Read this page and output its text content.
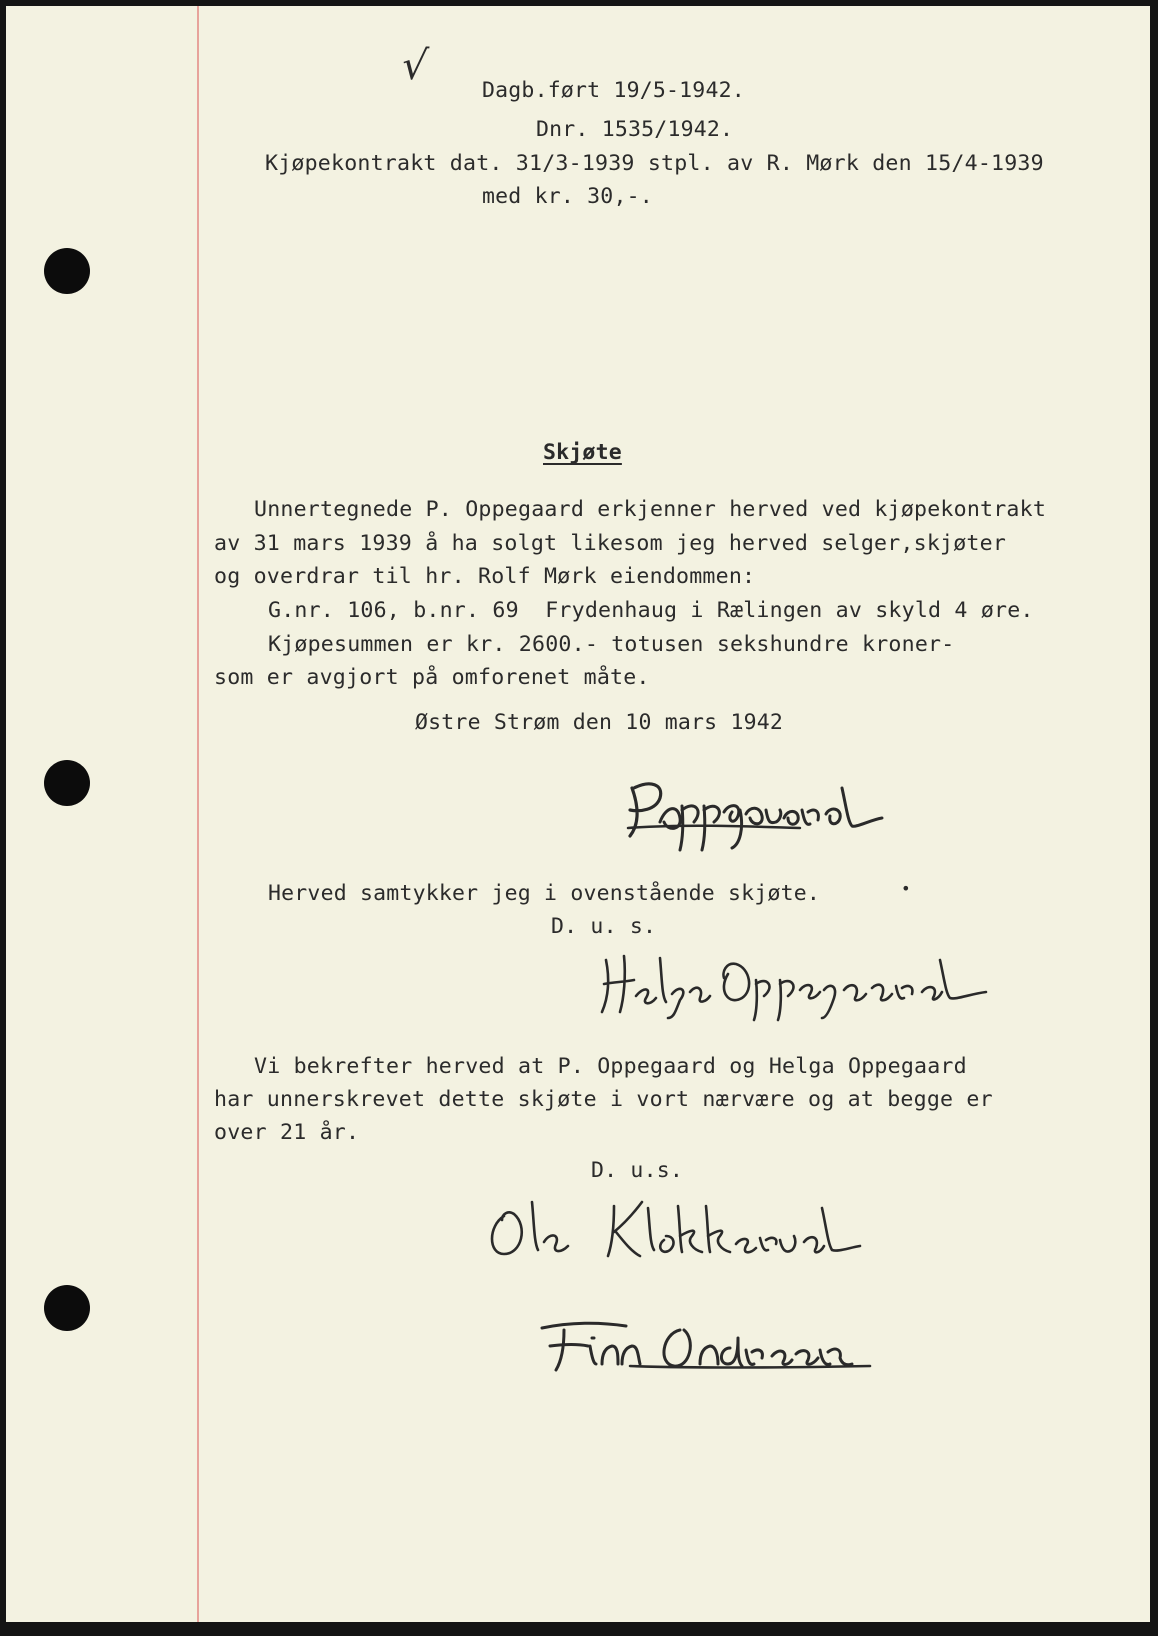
√
Dagb.ført 19/5-1942.
Dnr. 1535/1942.
Kjøpekontrakt dat. 31/3-1939 stpl. av R. Mørk den 15/4-1939
med kr. 30,-.
Skjøte
Unnertegnede P. Oppegaard erkjenner herved ved kjøpekontrakt
av 31 mars 1939 å ha solgt likesom jeg herved selger,skjøter
og overdrar til hr. Rolf Mørk eiendommen:
G.nr. 106, b.nr. 69  Frydenhaug i Rælingen av skyld 4 øre.
Kjøpesummen er kr. 2600.- totusen sekshundre kroner-
som er avgjort på omforenet måte.
Østre Strøm den 10 mars 1942
Herved samtykker jeg i ovenstående skjøte.	•
D. u. s.
Vi bekrefter herved at P. Oppegaard og Helga Oppegaard
har unnerskrevet dette skjøte i vort nærvære og at begge er
over 21 år.
D. u.s.
